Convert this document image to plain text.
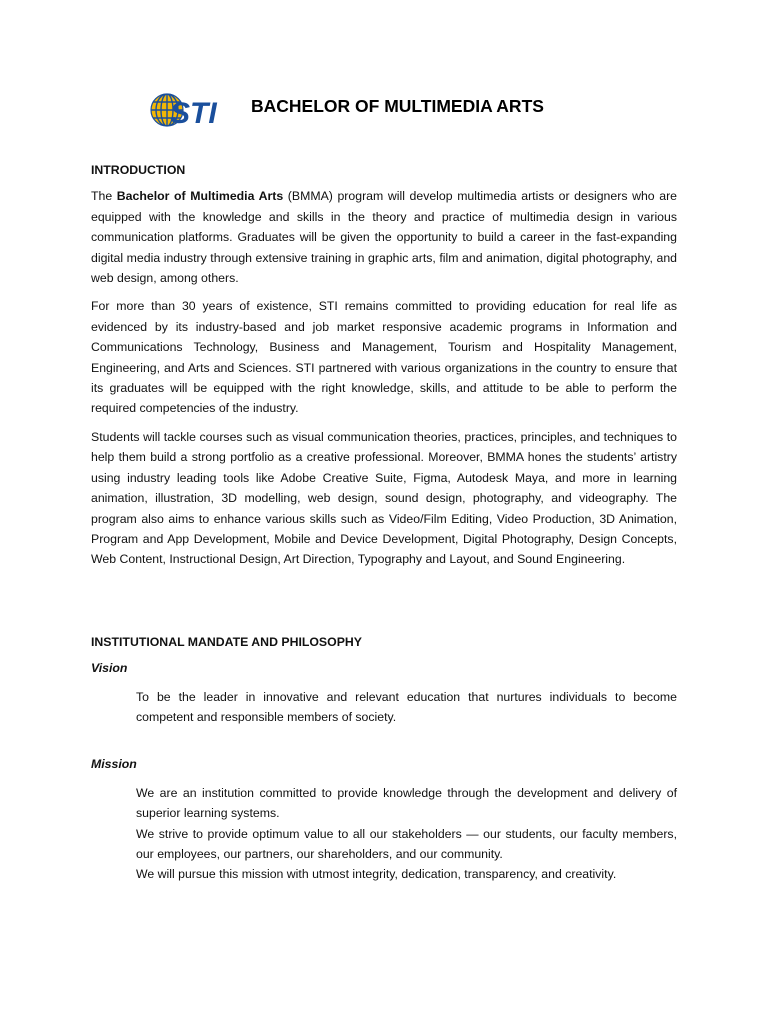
STI BACHELOR OF MULTIMEDIA ARTS
INTRODUCTION

The Bachelor of Multimedia Arts (BMMA) program will develop multimedia artists or designers who are equipped with the knowledge and skills in the theory and practice of multimedia design in various communication platforms. Graduates will be given the opportunity to build a career in the fast-expanding digital media industry through extensive training in graphic arts, film and animation, digital photography, and web design, among others.

For more than 30 years of existence, STI remains committed to providing education for real life as evidenced by its industry-based and job market responsive academic programs in Information and Communications Technology, Business and Management, Tourism and Hospitality Management, Engineering, and Arts and Sciences. STI partnered with various organizations in the country to ensure that its graduates will be equipped with the right knowledge, skills, and attitude to be able to perform the required competencies of the industry.

Students will tackle courses such as visual communication theories, practices, principles, and techniques to help them build a strong portfolio as a creative professional. Moreover, BMMA hones the students’ artistry using industry leading tools like Adobe Creative Suite, Figma, Autodesk Maya, and more in learning animation, illustration, 3D modelling, web design, sound design, photography, and videography. The program also aims to enhance various skills such as Video/Film Editing, Video Production, 3D Animation, Program and App Development, Mobile and Device Development, Digital Photography, Design Concepts, Web Content, Instructional Design, Art Direction, Typography and Layout, and Sound Engineering.

INSTITUTIONAL MANDATE AND PHILOSOPHY
Vision

To be the leader in innovative and relevant education that nurtures individuals to become competent and responsible members of society.

Mission

We are an institution committed to provide knowledge through the development and delivery of superior learning systems.

We strive to provide optimum value to all our stakeholders — our students, our faculty members, our employees, our partners, our shareholders, and our community.

We will pursue this mission with utmost integrity, dedication, transparency, and creativity.
